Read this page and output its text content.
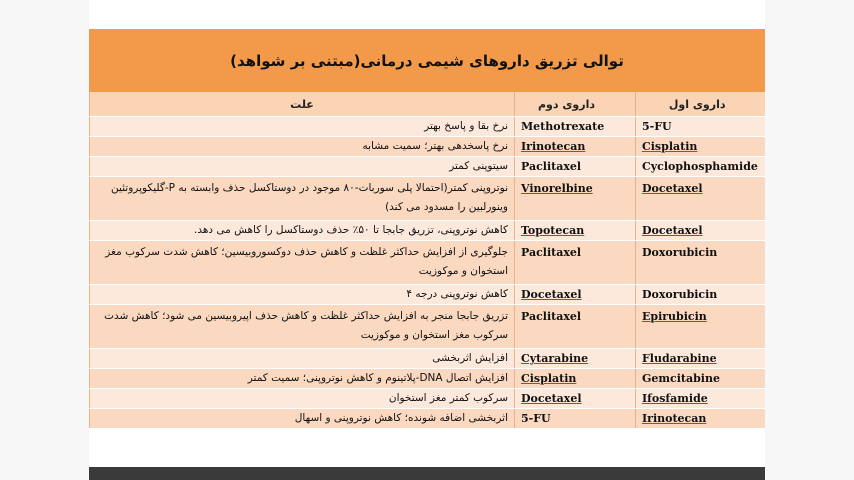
توالی تزریق داروهای شیمی درمانی(مبتنی بر شواهد)
داروی اول	داروی دوم	علت
5-FU	Methotrexate	نرخ بقا و پاسخ بهتر
Cisplatin	Irinotecan	نرخ پاسخدهی بهتر؛ سمیت مشابه
Cyclophosphamide	Paclitaxel	سیتوپنی کمتر
Docetaxel	Vinorelbine	نوتروپنی کمتر(احتمالا پلی سوربات-۸۰ موجود در دوستاکسل حذف وابسته به P-گلیکوپروتئین وینورلبین را مسدود می کند)
Docetaxel	Topotecan	کاهش نوتروپنی، تزریق جابجا تا ۵۰٪ حذف دوستاکسل را کاهش می دهد.
Doxorubicin	Paclitaxel	جلوگیری از افزایش حداکثر غلظت و کاهش حذف دوکسوروبیسین؛ کاهش شدت سرکوب مغز استخوان و موکوزیت
Doxorubicin	Docetaxel	کاهش نوتروپنی درجه ۴
Epirubicin	Paclitaxel	تزریق جابجا منجر به افزایش حداکثر غلظت و کاهش حذف اپیروبیسین می شود؛ کاهش شدت سرکوب مغز استخوان و موکوزیت
Fludarabine	Cytarabine	افزایش اثربخشی
Gemcitabine	Cisplatin	افزایش اتصال DNA-پلاتینوم و کاهش نوتروپنی؛ سمیت کمتر
Ifosfamide	Docetaxel	سرکوب کمتر مغز استخوان
Irinotecan	5-FU	اثربخشی اضافه شونده؛ کاهش نوتروپنی و اسهال
